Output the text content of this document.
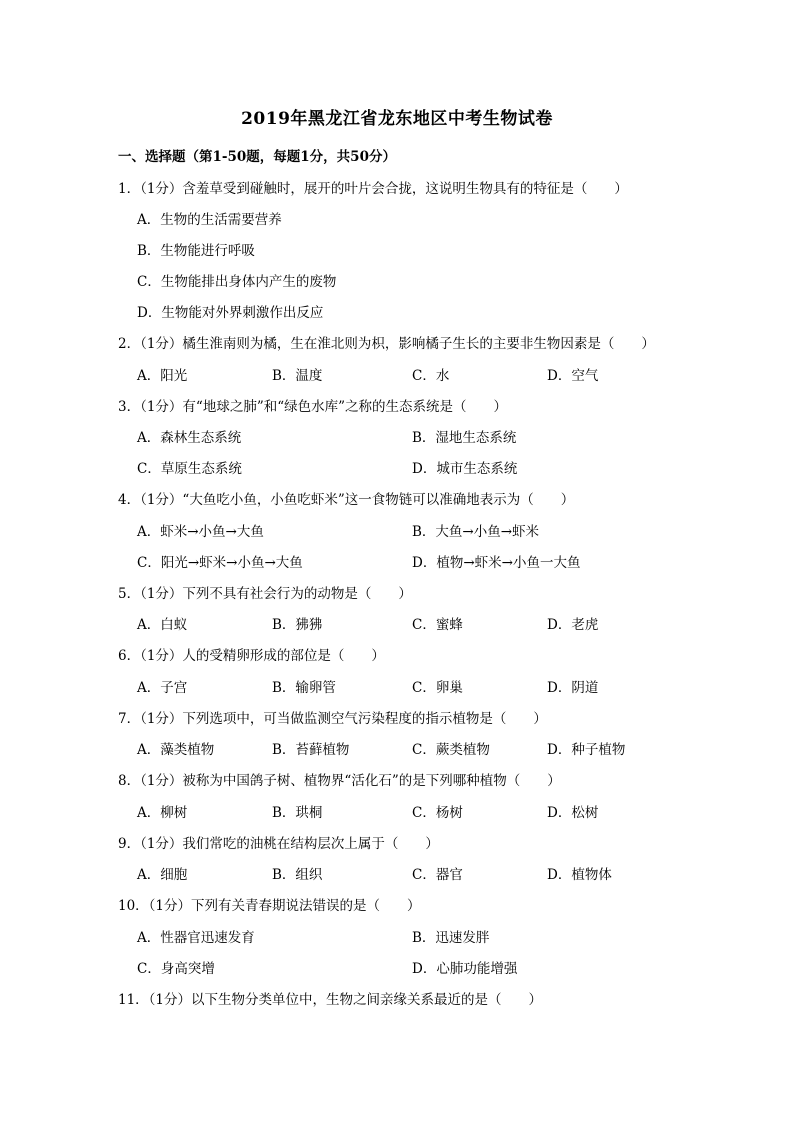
2019年黑龙江省龙东地区中考生物试卷
一、选择题（第1-50题，每题1分，共50分）
1．（1分）含羞草受到碰触时，展开的叶片会合拢，这说明生物具有的特征是（　　）
A．生物的生活需要营养
B．生物能进行呼吸
C．生物能排出身体内产生的废物
D．生物能对外界刺激作出反应
2．（1分）橘生淮南则为橘，生在淮北则为枳，影响橘子生长的主要非生物因素是（　　）
A．阳光	B．温度	C．水	D．空气
3．（1分）有“地球之肺”和“绿色水库”之称的生态系统是（　　）
A．森林生态系统	B．湿地生态系统
C．草原生态系统	D．城市生态系统
4．（1分）“大鱼吃小鱼，小鱼吃虾米”这一食物链可以准确地表示为（　　）
A．虾米→小鱼→大鱼	B．大鱼→小鱼→虾米
C．阳光→虾米→小鱼→大鱼	D．植物→虾米→小鱼一大鱼
5．（1分）下列不具有社会行为的动物是（　　）
A．白蚁	B．狒狒	C．蜜蜂	D．老虎
6．（1分）人的受精卵形成的部位是（　　）
A．子宫	B．输卵管	C．卵巢	D．阴道
7．（1分）下列选项中，可当做监测空气污染程度的指示植物是（　　）
A．藻类植物	B．苔藓植物	C．蕨类植物	D．种子植物
8．（1分）被称为中国鸽子树、植物界“活化石”的是下列哪种植物（　　）
A．柳树	B．珙桐	C．杨树	D．松树
9．（1分）我们常吃的油桃在结构层次上属于（　　）
A．细胞	B．组织	C．器官	D．植物体
10．（1分）下列有关青春期说法错误的是（　　）
A．性器官迅速发育	B．迅速发胖
C．身高突增	D．心肺功能增强
11．（1分）以下生物分类单位中，生物之间亲缘关系最近的是（　　）
